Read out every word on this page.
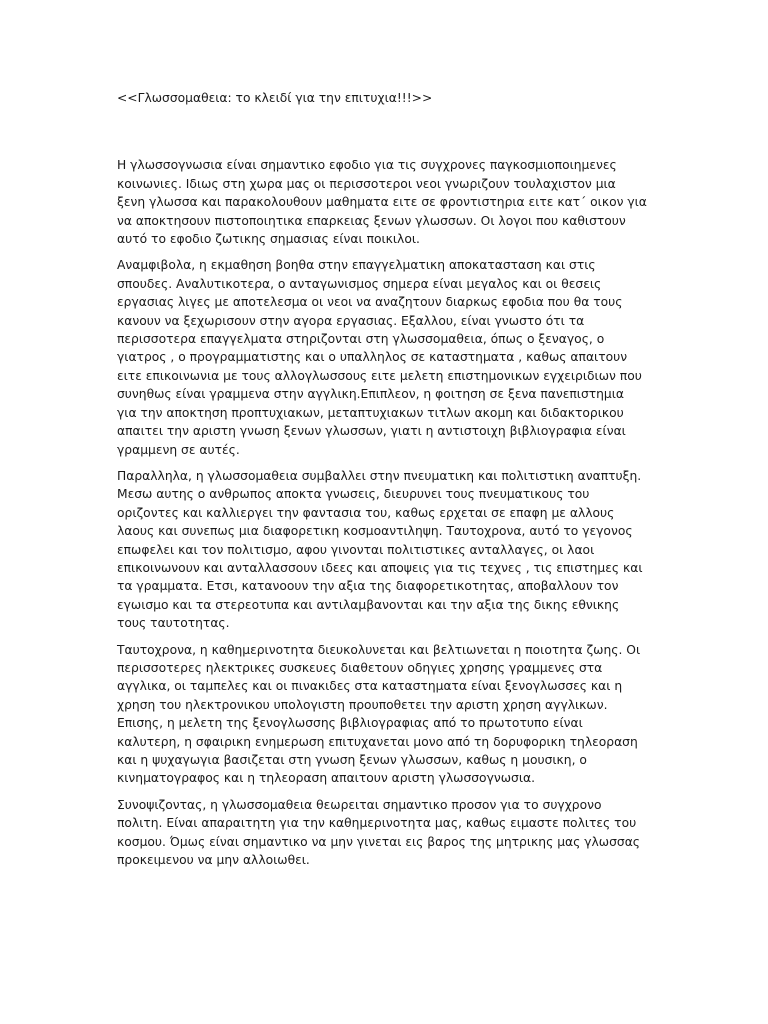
<<Γλωσσομαθεια: το κλειδί για την επιτυχια!!!>>

Η γλωσσογνωσια είναι σημαντικο εφοδιο για τις συγχρονες παγκοσμιοποιημενες κοινωνιες. Ιδιως στη χωρα μας οι περισσοτεροι νεοι γνωριζουν τουλαχιστον μια ξενη γλωσσα και παρακολουθουν μαθηματα ειτε σε φροντιστηρια ειτε κατ΄ οικον για να αποκτησουν πιστοποιητικα επαρκειας ξενων γλωσσων. Οι λογοι που καθιστουν αυτό το εφοδιο ζωτικης σημασιας είναι ποικιλοι.

Αναμφιβολα, η εκμαθηση βοηθα στην επαγγελματικη αποκατασταση και στις σπουδες. Αναλυτικοτερα, ο ανταγωνισμος σημερα είναι μεγαλος και οι θεσεις εργασιας λιγες με αποτελεσμα οι νεοι να αναζητουν διαρκως εφοδια που θα τους κανουν να ξεχωρισουν στην αγορα εργασιας. Εξαλλου, είναι γνωστο ότι τα περισσοτερα επαγγελματα στηριζονται στη γλωσσομαθεια, όπως ο ξεναγος, ο γιατρος , ο προγραμματιστης και ο υπαλληλος σε καταστηματα , καθως απαιτουν ειτε επικοινωνια με τους αλλογλωσσους ειτε μελετη επιστημονικων εγχειριδιων που συνηθως είναι γραμμενα στην αγγλικη.Επιπλεον, η φοιτηση σε ξενα πανεπιστημια για την αποκτηση προπτυχιακων, μεταπτυχιακων τιτλων ακομη και διδακτορικου απαιτει την αριστη γνωση ξενων γλωσσων, γιατι η αντιστοιχη βιβλιογραφια είναι γραμμενη σε αυτές.

Παραλληλα, η γλωσσομαθεια συμβαλλει στην πνευματικη και πολιτιστικη αναπτυξη. Μεσω αυτης ο ανθρωπος αποκτα γνωσεις, διευρυνει τους πνευματικους του οριζοντες και καλλιεργει την φαντασια του, καθως ερχεται σε επαφη με αλλους λαους και συνεπως μια διαφορετικη κοσμοαντιληψη. Ταυτοχρονα, αυτό το γεγονος επωφελει και τον πολιτισμο, αφου γινονται πολιτιστικες ανταλλαγες, οι λαοι επικοινωνουν και ανταλλασσουν ιδεες και αποψεις για τις τεχνες , τις επιστημες και τα γραμματα. Ετσι, κατανοουν την αξια της διαφορετικοτητας, αποβαλλουν τον εγωισμο και τα στερεοτυπα και αντιλαμβανονται και την αξια της δικης εθνικης τους ταυτοτητας.

Ταυτοχρονα, η καθημερινοτητα διευκολυνεται και βελτιωνεται η ποιοτητα ζωης. Οι περισσοτερες ηλεκτρικες συσκευες διαθετουν οδηγιες χρησης γραμμενες στα αγγλικα, οι ταμπελες και οι πινακιδες στα καταστηματα είναι ξενογλωσσες και η χρηση του ηλεκτρονικου υπολογιστη προυποθετει την αριστη χρηση αγγλικων. Επισης, η μελετη της ξενογλωσσης βιβλιογραφιας από το πρωτοτυπο είναι καλυτερη, η σφαιρικη ενημερωση επιτυχανεται μονο από τη δορυφορικη τηλεοραση και η ψυχαγωγια βασιζεται στη γνωση ξενων γλωσσων, καθως η μουσικη, ο κινηματογραφος και η τηλεοραση απαιτουν αριστη γλωσσογνωσια.

Συνοψιζοντας, η γλωσσομαθεια θεωρειται σημαντικο προσον για το συγχρονο πολιτη. Είναι απαραιτητη για την καθημερινοτητα μας, καθως ειμαστε πολιτες του κοσμου. Όμως είναι σημαντικο να μην γινεται εις βαρος της μητρικης μας γλωσσας προκειμενου να μην αλλοιωθει.
